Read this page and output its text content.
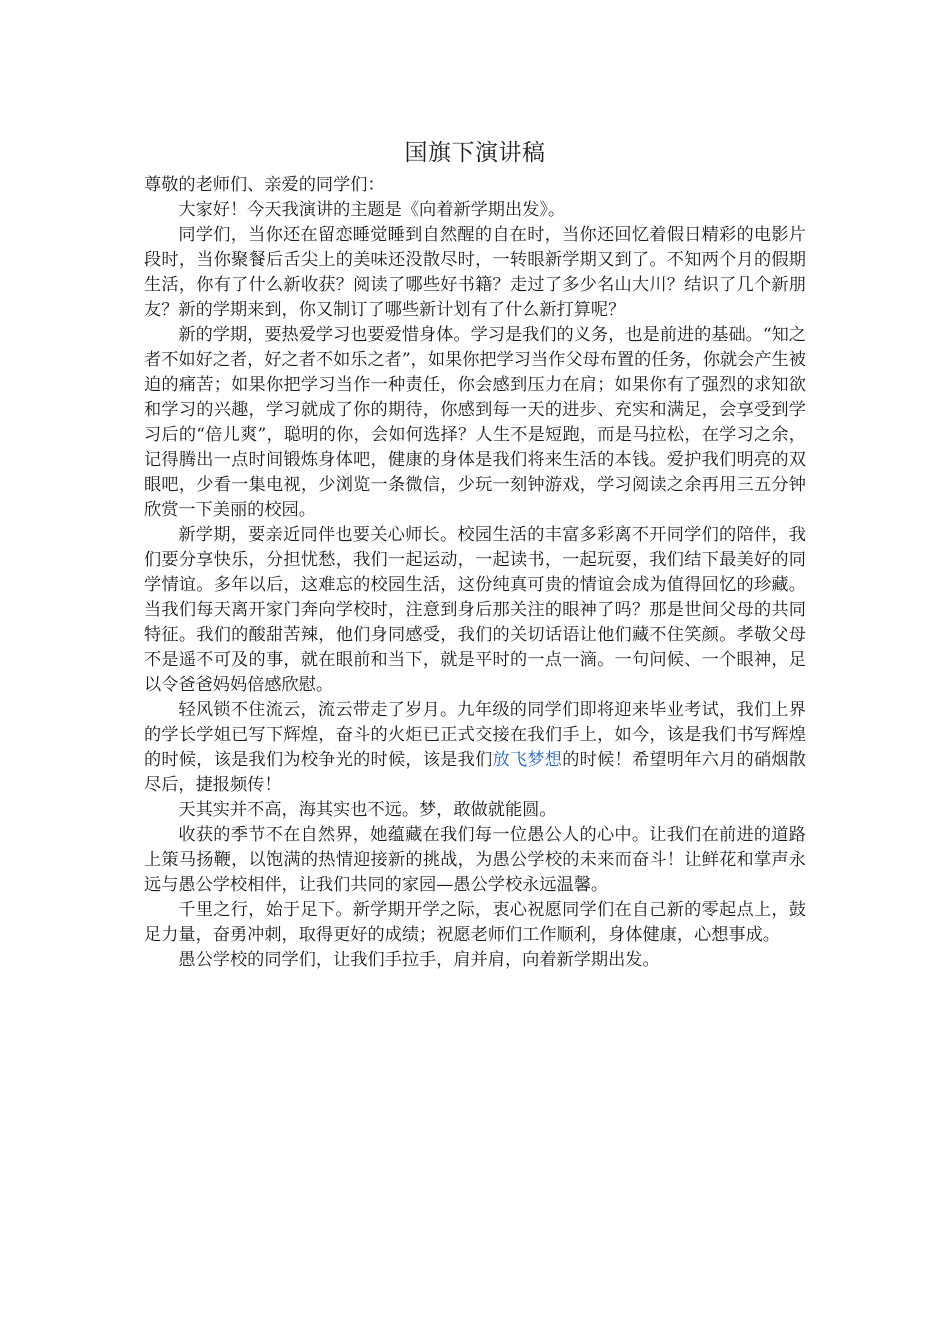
国旗下演讲稿

尊敬的老师们、亲爱的同学们：

大家好！今天我演讲的主题是《向着新学期出发》。

同学们，当你还在留恋睡觉睡到自然醒的自在时，当你还回忆着假日精彩的电影片段时，当你聚餐后舌尖上的美味还没散尽时，一转眼新学期又到了。不知两个月的假期生活，你有了什么新收获？阅读了哪些好书籍？走过了多少名山大川？结识了几个新朋友？新的学期来到，你又制订了哪些新计划有了什么新打算呢？

新的学期，要热爱学习也要爱惜身体。学习是我们的义务，也是前进的基础。“知之者不如好之者，好之者不如乐之者”，如果你把学习当作父母布置的任务，你就会产生被迫的痛苦；如果你把学习当作一种责任，你会感到压力在肩；如果你有了强烈的求知欲和学习的兴趣，学习就成了你的期待，你感到每一天的进步、充实和满足，会享受到学习后的“倍儿爽”，聪明的你，会如何选择？人生不是短跑，而是马拉松，在学习之余，记得腾出一点时间锻炼身体吧，健康的身体是我们将来生活的本钱。爱护我们明亮的双眼吧，少看一集电视，少浏览一条微信，少玩一刻钟游戏，学习阅读之余再用三五分钟欣赏一下美丽的校园。

新学期，要亲近同伴也要关心师长。校园生活的丰富多彩离不开同学们的陪伴，我们要分享快乐，分担忧愁，我们一起运动，一起读书，一起玩耍，我们结下最美好的同学情谊。多年以后，这难忘的校园生活，这份纯真可贵的情谊会成为值得回忆的珍藏。当我们每天离开家门奔向学校时，注意到身后那关注的眼神了吗？那是世间父母的共同特征。我们的酸甜苦辣，他们身同感受，我们的关切话语让他们藏不住笑颜。孝敬父母不是遥不可及的事，就在眼前和当下，就是平时的一点一滴。一句问候、一个眼神，足以令爸爸妈妈倍感欣慰。

轻风锁不住流云，流云带走了岁月。九年级的同学们即将迎来毕业考试，我们上界的学长学姐已写下辉煌，奋斗的火炬已正式交接在我们手上，如今，该是我们书写辉煌的时候，该是我们为校争光的时候，该是我们放飞梦想的时候！希望明年六月的硝烟散尽后，捷报频传！

天其实并不高，海其实也不远。梦，敢做就能圆。

收获的季节不在自然界，她蕴藏在我们每一位愚公人的心中。让我们在前进的道路上策马扬鞭，以饱满的热情迎接新的挑战，为愚公学校的未来而奋斗！让鲜花和掌声永远与愚公学校相伴，让我们共同的家园—愚公学校永远温馨。

千里之行，始于足下。新学期开学之际，衷心祝愿同学们在自己新的零起点上，鼓足力量，奋勇冲刺，取得更好的成绩；祝愿老师们工作顺利，身体健康，心想事成。

愚公学校的同学们，让我们手拉手，肩并肩，向着新学期出发。
